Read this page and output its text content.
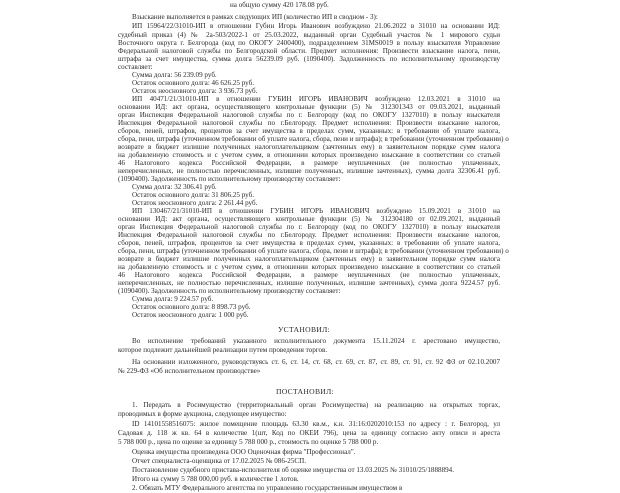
на общую сумму 420 178.08 руб.
Взыскание выполняется в рамках следующих ИП (количество ИП в сводном - 3):
ИП 15964/22/31010-ИП в отношении Губин Игорь Иванович возбуждено 21.06.2022 в 31010 на основании ИД:
судебный приказ (4) № 2а-503/2022-1 от 25.03.2022, выданный орган Судебный участок № 1 мирового судьи
Восточного округа г. Белгорода (код по ОКОГУ 2400400), подразделением 31MS0019 в пользу взыскателя Управление
Федеральной налоговой службы по Белгородской области. Предмет исполнения: Произвести взыскание налога, пени,
штрафа за счет имущества, сумма долга 56239.09 руб. (1090400). Задолженность по исполнительному производству
составляет:
Сумма долга: 56 239.09 руб.
Остаток основного долга: 46 626.25 руб.
Остаток неосновного долга: 3 936.73 руб.
ИП 40471/21/31010-ИП в отношении ГУБИН ИГОРЬ ИВАНОВИЧ возбуждено 12.03.2021 в 31010 на
основании ИД: акт органа, осуществляющего контрольные функции (5) № 312301343 от 09.03.2021, выданный
орган Инспекция Федеральной налоговой службы по г. Белгороду (код по ОКОГУ 1327010) в пользу взыскателя
Инспекция Федеральной налоговой службы по г.Белгороду. Предмет исполнения: Произвести взыскание налогов,
сборов, пеней, штрафов, процентов за счет имущества в пределах сумм, указанных: в требовании об уплате налога,
сбора, пени, штрафа (уточненном требовании об уплате налога, сбора, пени и штрафа); в требовании (уточненном требовании) о
возврате в бюджет излишне полученных налогоплательщиком (зачтенных ему) в заявительном порядке сумм налога
на добавленную стоимость и с учетом сумм, в отношении которых произведено взыскание в соответствии со статьей
46 Налогового кодекса Российской Федерации, в размере неуплаченных (не полностью уплаченных,
неперечисленных, не полностью перечисленных, излишне полученных, излишне зачтенных), сумма долга 32306.41 руб.
(1090400). Задолженность по исполнительному производству составляет:
Сумма долга: 32 306.41 руб.
Остаток основного долга: 31 806.25 руб.
Остаток неосновного долга: 2 261.44 руб.
ИП 130467/21/31010-ИП в отношении ГУБИН ИГОРЬ ИВАНОВИЧ возбуждено 15.09.2021 в 31010 на
основании ИД: акт органа, осуществляющего контрольные функции (5) № 312304180 от 02.09.2021, выданный
орган Инспекция Федеральной налоговой службы по г. Белгороду (код по ОКОГУ 1327010) в пользу взыскателя
Инспекция Федеральной налоговой службы по г.Белгороду. Предмет исполнения: Произвести взыскание налогов,
сборов, пеней, штрафов, процентов за счет имущества в пределах сумм, указанных: в требовании об уплате налога,
сбора, пени, штрафа (уточненном требовании об уплате налога, сбора, пени и штрафа); в требовании (уточненном требовании) о
возврате в бюджет излишне полученных налогоплательщиком (зачтенных ему) в заявительном порядке сумм налога
на добавленную стоимость и с учетом сумм, в отношении которых произведено взыскание в соответствии со статьей
46 Налогового кодекса Российской Федерации, в размере неуплаченных (не полностью уплаченных,
неперечисленных, не полностью перечисленных, излишне полученных, излишне зачтенных), сумма долга 9224.57 руб.
(1090400). Задолженность по исполнительному производству составляет:
Сумма долга: 9 224.57 руб.
Остаток основного долга: 8 898.73 руб.
Остаток неосновного долга: 1 000 руб.
УСТАНОВИЛ:
Во исполнение требований указанного исполнительного документа 15.11.2024 г. арестовано имущество,
которое подлежит дальнейшей реализации путем проведения торгов.
На основании изложенного, руководствуясь ст. 6, ст. 14, ст. 68, ст. 69, ст. 87, ст. 89, ст. 91, ст. 92 ФЗ от 02.10.2007
№ 229-ФЗ «Об исполнительном производстве»
ПОСТАНОВИЛ:
1. Передать в Росимущество (территориальный орган Росимущества) на реализацию на открытых торгах,
проводимых в форме аукциона, следующее имущество:
ID 14101558516075: жилое помещение площадь 63.30 кв.м., к.н. 31:16:0202010:153 по адресу : г. Белгород, ул
Садовая д. 118 ж кв. 64 в количестве 1(шт, Код по ОКЕИ 796), цена за единицу согласно акту описи и ареста
5 788 000 р., цена по оценке за единицу 5 788 000 р., стоимость по оценке 5 788 000 р.
Оценка имущества произведена ООО Оценочная фирма "Профессионал".
Отчет специалиста-оценщика от 17.02.2025 № 086-25СП.
Постановление судебного пристава-исполнителя об оценке имущества от 13.03.2025 № 31010/25/1888894.
Итого на сумму 5 788 000,00 руб. в количестве 1 лотов.
2. Обязать МТУ Федерального агентства по управлению государственным имуществом в
